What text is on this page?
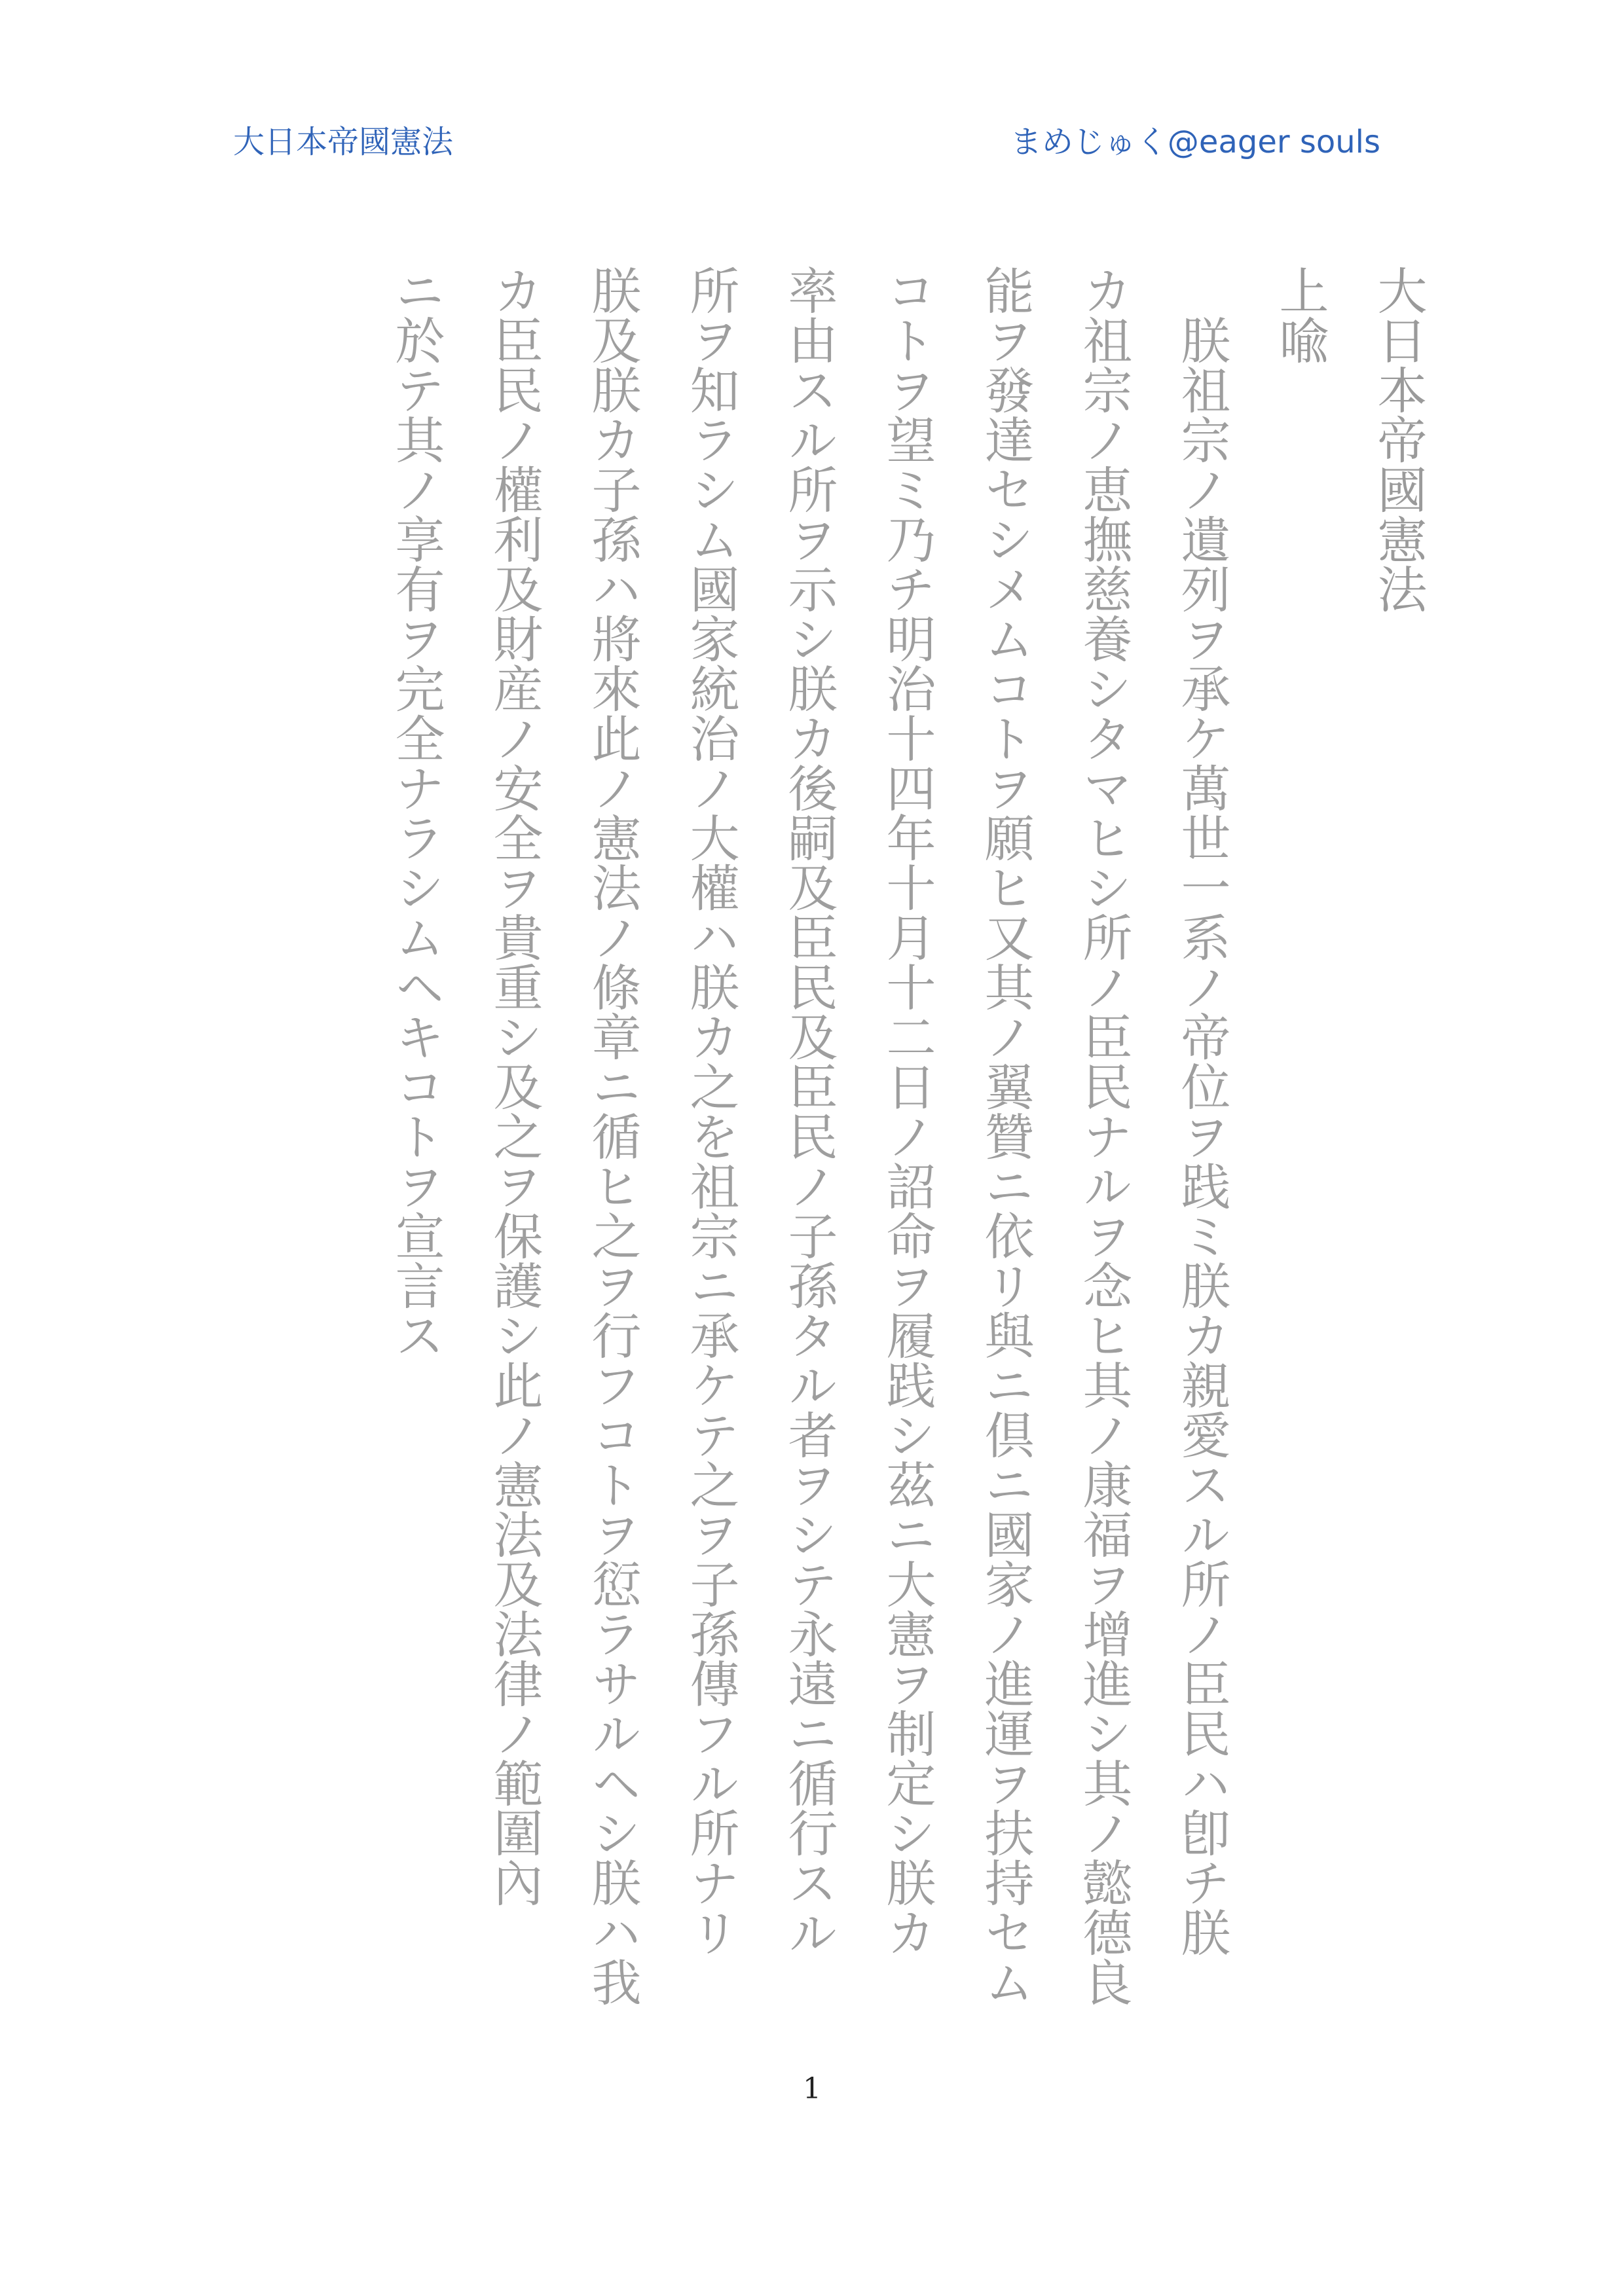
大日本帝國憲法	まめじゅく@eager souls
大日本帝國憲法
上喩
朕祖宗ノ遺列ヲ承ケ萬世一系ノ帝位ヲ践ミ朕カ親愛スル所ノ臣民ハ卽チ朕
カ祖宗ノ恵撫慈養シタマヒシ所ノ臣民ナルヲ念ヒ其ノ康福ヲ增進シ其ノ懿德良
能ヲ發達セシメムコトヲ願ヒ又其ノ翼贊ニ依リ與ニ倶ニ國家ノ進運ヲ扶持セム
コトヲ望ミ乃チ明治十四年十月十二日ノ詔命ヲ履践シ茲ニ大憲ヲ制定シ朕カ
率由スル所ヲ示シ朕カ後嗣及臣民及臣民ノ子孫タル者ヲシテ永遠ニ循行スル
所ヲ知ラシム國家統治ノ大權ハ朕カ之を祖宗ニ承ケテ之ヲ子孫傳フル所ナリ
朕及朕カ子孫ハ將來此ノ憲法ノ條章ニ循ヒ之ヲ行フコトヲ愆ラサルヘシ朕ハ我
カ臣民ノ權利及財産ノ安全ヲ貴重シ及之ヲ保護シ此ノ憲法及法律ノ範圍內
ニ於テ其ノ享有ヲ完全ナラシムヘキコトヲ宣言ス
1
